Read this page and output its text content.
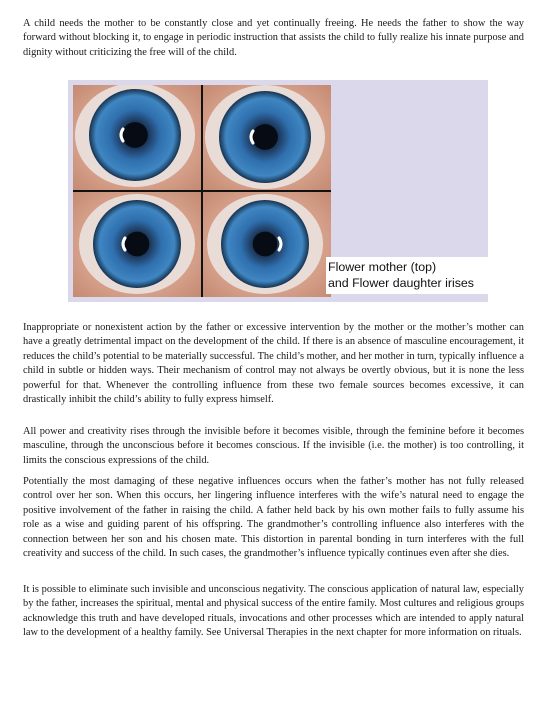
A child needs the mother to be constantly close and yet continually freeing. He needs the father to show the way forward without blocking it, to engage in periodic instruction that assists the child to fully realize his innate purpose and dignity without criticizing the free will of the child.

Flower mother (top)
and Flower daughter irises

Inappropriate or nonexistent action by the father or excessive intervention by the mother or the mother’s mother can have a greatly detrimental impact on the development of the child. If there is an absence of masculine encouragement, it reduces the child’s potential to be materially successful. The child’s mother, and her mother in turn, typically influence a child in subtle or hidden ways. Their mechanism of control may not always be overtly obvious, but it is none the less powerful for that. Whenever the controlling influence from these two female sources becomes excessive, it can drastically inhibit the child’s ability to fully express himself.

All power and creativity rises through the invisible before it becomes visible, through the feminine before it becomes masculine, through the unconscious before it becomes conscious. If the invisible (i.e. the mother) is too controlling, it limits the conscious expressions of the child.

Potentially the most damaging of these negative influences occurs when the father’s mother has not fully released control over her son. When this occurs, her lingering influence interferes with the wife’s natural need to engage the positive involvement of the father in raising the child. A father held back by his own mother fails to fully assume his role as a wise and guiding parent of his offspring. The grandmother’s controlling influence also interferes with the connection between her son and his chosen mate. This distortion in parental bonding in turn interferes with the full creativity and success of the child. In such cases, the grandmother’s influence typically continues even after she dies.

It is possible to eliminate such invisible and unconscious negativity. The conscious application of natural law, especially by the father, increases the spiritual, mental and physical success of the entire family. Most cultures and religious groups acknowledge this truth and have developed rituals, invocations and other processes which are intended to apply natural law to the development of a healthy family. See Universal Therapies in the next chapter for more information on rituals.
